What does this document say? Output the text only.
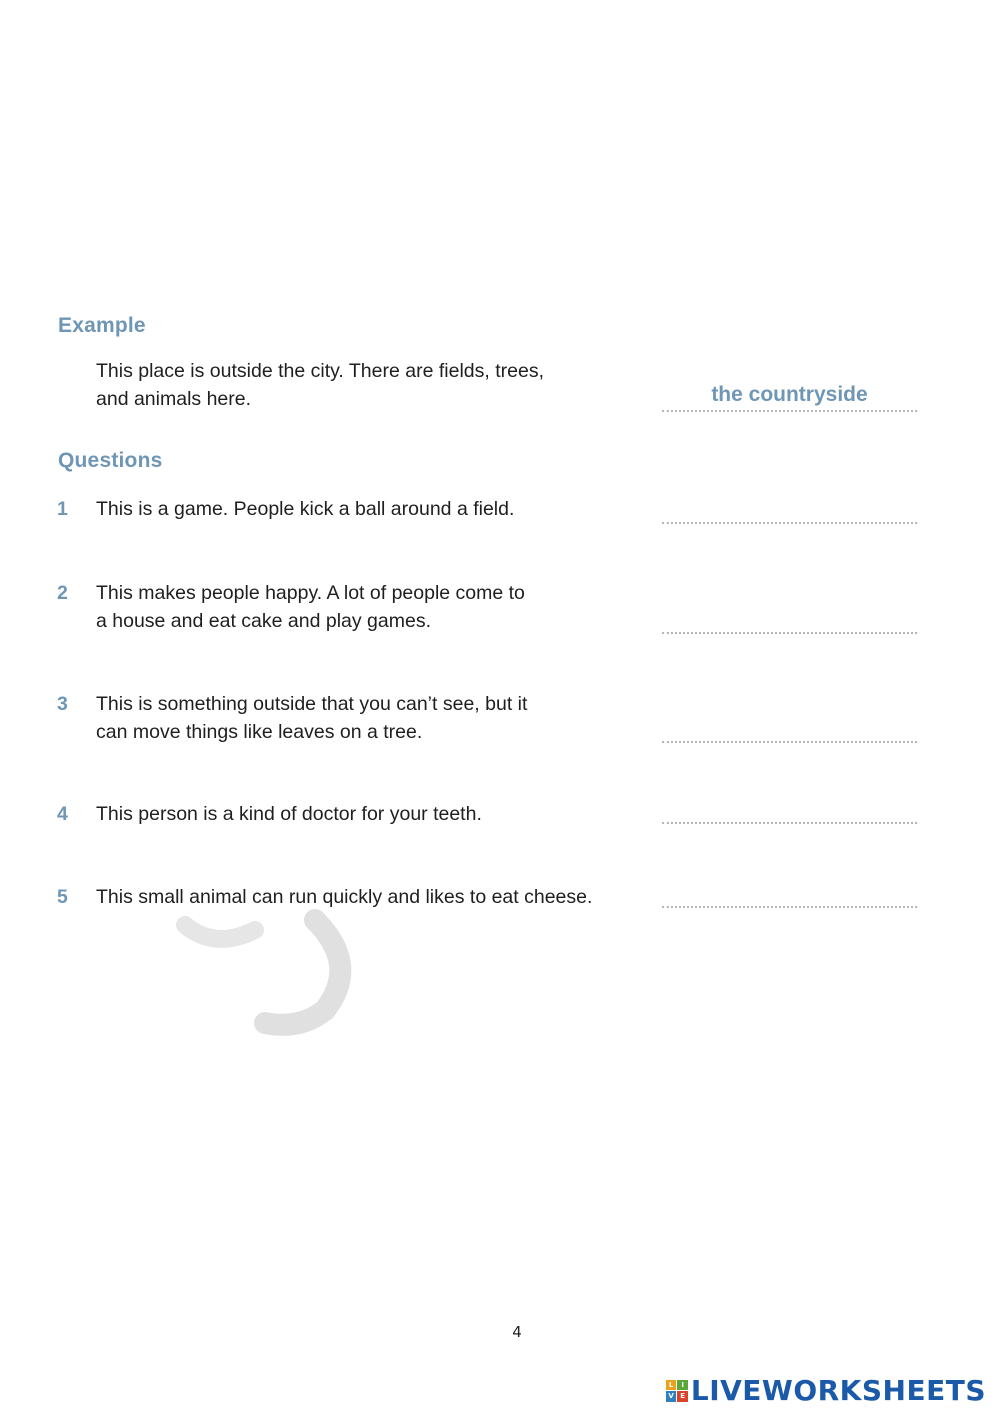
Example
This place is outside the city. There are fields, trees,
and animals here.	the countryside
Questions
1 This is a game. People kick a ball around a field.
2 This makes people happy. A lot of people come to
a house and eat cake and play games.
3 This is something outside that you can’t see, but it
can move things like leaves on a tree.
4 This person is a kind of doctor for your teeth.
5 This small animal can run quickly and likes to eat cheese.
4
L	I
V E LIVEWORKSHEETS
